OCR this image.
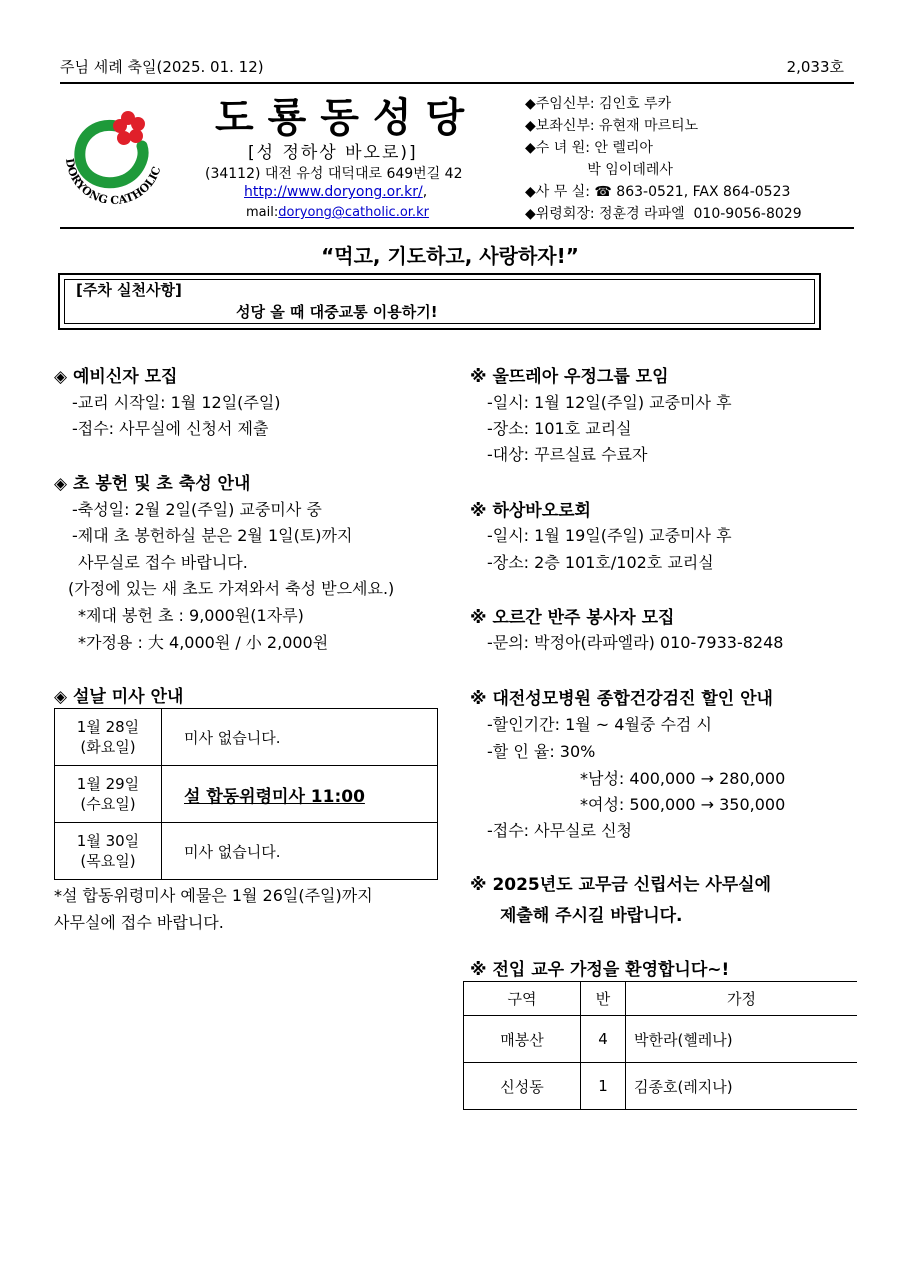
주님 세례 축일(2025. 01. 12)	2,033호
DORYONG CATHOLIC
도룡동성당
[성 정하상 바오로)]
(34112) 대전 유성 대덕대로 649번길 42
http://www.doryong.or.kr/,
mail:doryong@catholic.or.kr
◆주임신부: 김인호 루카
◆보좌신부: 유현재 마르티노
◆수 녀 원: 안 렐리아
박 임이데레사
◆사 무 실: ☎ 863-0521, FAX 864-0523
◆위령회장: 정훈경 라파엘  010-9056-8029
“먹고, 기도하고, 사랑하자!”
[주차 실천사항]
성당 올 때 대중교통 이용하기!
◈ 예비신자 모집
-교리 시작일: 1월 12일(주일)
-접수: 사무실에 신청서 제출
◈ 초 봉헌 및 초 축성 안내
-축성일: 2월 2일(주일) 교중미사 중
-제대 초 봉헌하실 분은 2월 1일(토)까지
사무실로 접수 바랍니다.
(가정에 있는 새 초도 가져와서 축성 받으세요.)
*제대 봉헌 초 : 9,000원(1자루)
*가정용 : 大 4,000원 / 小 2,000원
◈ 설날 미사 안내
1월 28일
(화요일)	미사 없습니다.
1월 29일
(수요일)	설 합동위령미사 11:00
1월 30일
(목요일)	미사 없습니다.
*설 합동위령미사 예물은 1월 26일(주일)까지
사무실에 접수 바랍니다.
※ 울뜨레아 우정그룹 모임
-일시: 1월 12일(주일) 교중미사 후
-장소: 101호 교리실
-대상: 꾸르실료 수료자
※ 하상바오로회
-일시: 1월 19일(주일) 교중미사 후
-장소: 2층 101호/102호 교리실
※ 오르간 반주 봉사자 모집
-문의: 박정아(라파엘라) 010-7933-8248
※ 대전성모병원 종합건강검진 할인 안내
-할인기간: 1월 ~ 4월중 수검 시
-할 인 율: 30%
*남성: 400,000 → 280,000
*여성: 500,000 → 350,000
-접수: 사무실로 신청
※ 2025년도 교무금 신립서는 사무실에
제출해 주시길 바랍니다.
※ 전입 교우 가정을 환영합니다~!
구역	반	가정
매봉산	4	박한라(헬레나)
신성동	1	김종호(레지나)
